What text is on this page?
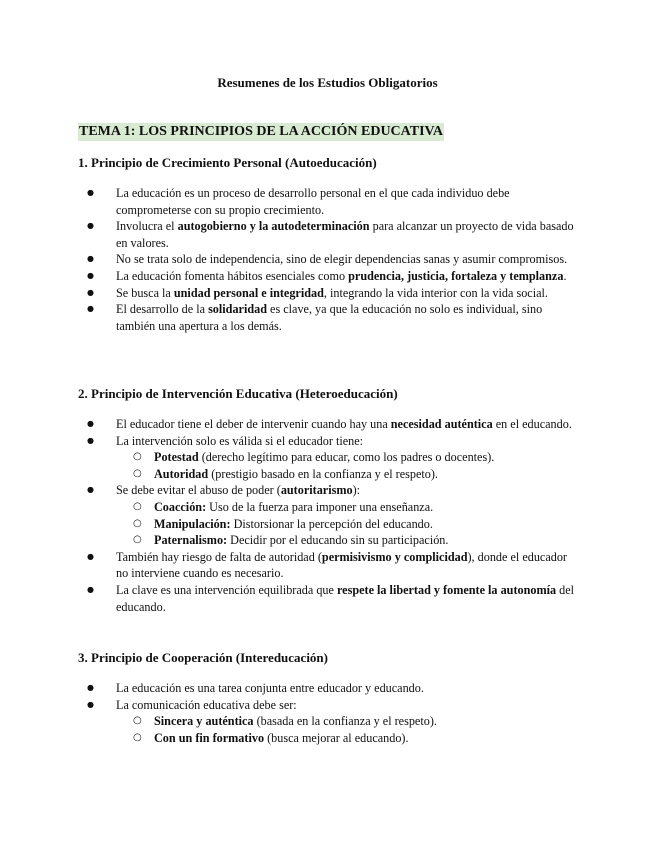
Resumenes de los Estudios Obligatorios
TEMA 1: LOS PRINCIPIOS DE LA ACCIÓN EDUCATIVA
1. Principio de Crecimiento Personal (Autoeducación)
● La educación es un proceso de desarrollo personal en el que cada individuo debe comprometerse con su propio crecimiento.
● Involucra el autogobierno y la autodeterminación para alcanzar un proyecto de vida basado en valores.
● No se trata solo de independencia, sino de elegir dependencias sanas y asumir compromisos.
● La educación fomenta hábitos esenciales como prudencia, justicia, fortaleza y templanza.
● Se busca la unidad personal e integridad, integrando la vida interior con la vida social.
● El desarrollo de la solidaridad es clave, ya que la educación no solo es individual, sino también una apertura a los demás.
2. Principio de Intervención Educativa (Heteroeducación)
● El educador tiene el deber de intervenir cuando hay una necesidad auténtica en el educando.
● La intervención solo es válida si el educador tiene:
○ Potestad (derecho legítimo para educar, como los padres o docentes).
○ Autoridad (prestigio basado en la confianza y el respeto).
● Se debe evitar el abuso de poder (autoritarismo):
○ Coacción: Uso de la fuerza para imponer una enseñanza.
○ Manipulación: Distorsionar la percepción del educando.
○ Paternalismo: Decidir por el educando sin su participación.
● También hay riesgo de falta de autoridad (permisivismo y complicidad), donde el educador no interviene cuando es necesario.
● La clave es una intervención equilibrada que respete la libertad y fomente la autonomía del educando.
3. Principio de Cooperación (Intereducación)
● La educación es una tarea conjunta entre educador y educando.
● La comunicación educativa debe ser:
○ Sincera y auténtica (basada en la confianza y el respeto).
○ Con un fin formativo (busca mejorar al educando).
